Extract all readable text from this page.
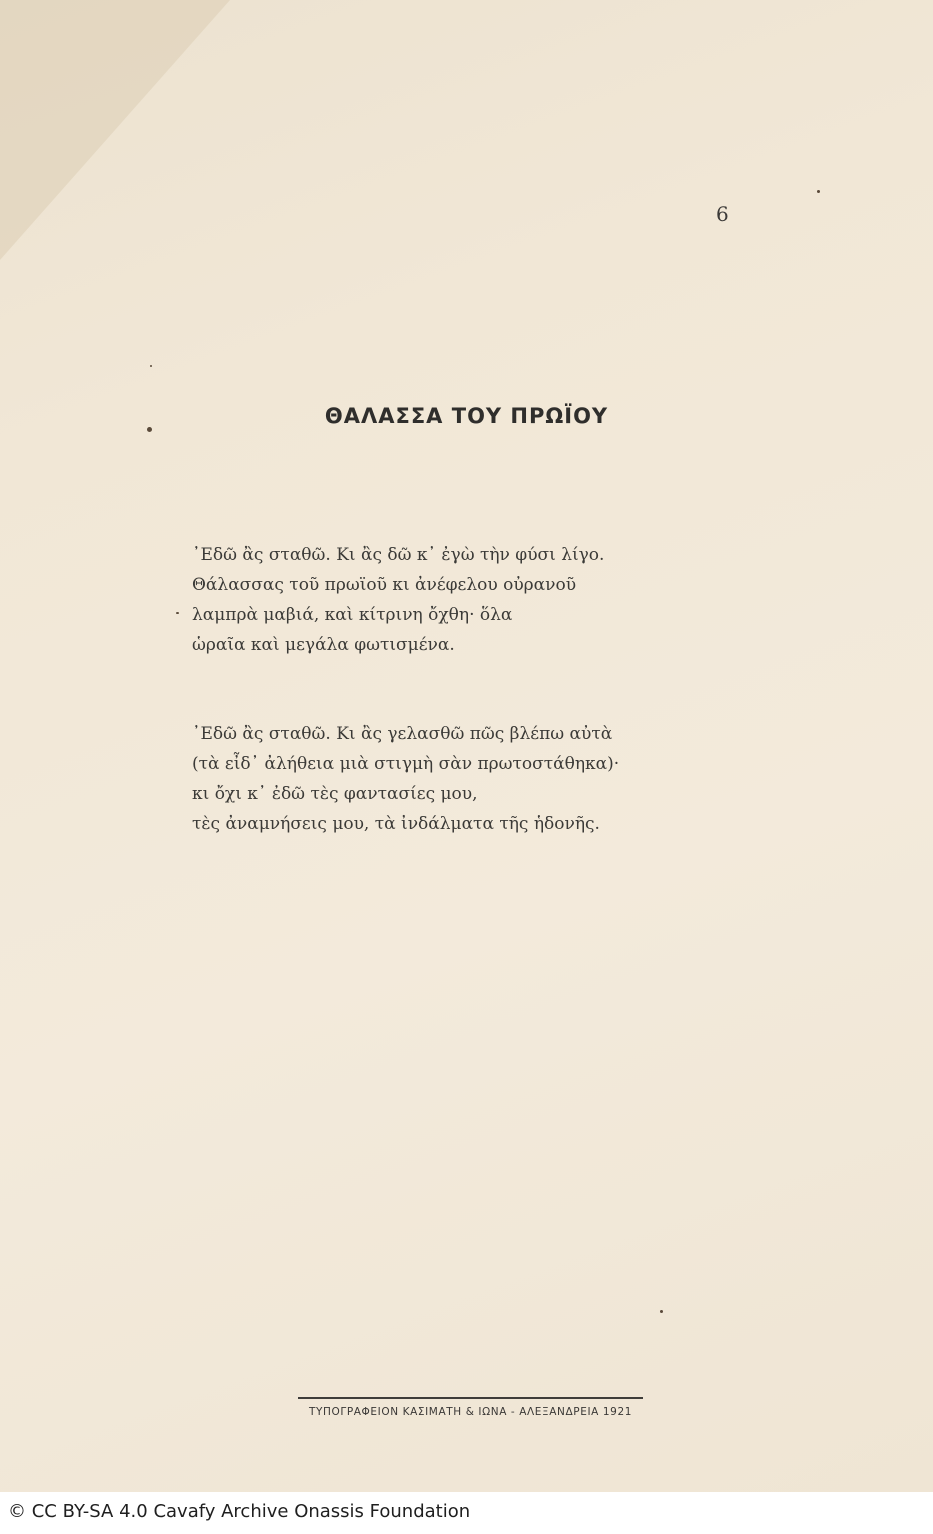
6
ΘΑΛΑΣΣΑ ΤΟΥ ΠΡΩΪΟΥ
᾿Εδῶ ἂς σταθῶ. Κι ἂς δῶ κ᾿ ἐγὼ τὴν φύσι λίγο.
Θάλασσας τοῦ πρωϊοῦ κι ἀνέφελου οὐρανοῦ
λαμπρὰ μαβιά, καὶ κίτρινη ὄχθη· ὅλα
ὡραῖα καὶ μεγάλα φωτισμένα.
᾿Εδῶ ἂς σταθῶ. Κι ἂς γελασθῶ πῶς βλέπω αὐτὰ
(τὰ εἶδ᾿ ἀλήθεια μιὰ στιγμὴ σὰν πρωτοστάθηκα)·
κι ὄχι κ᾿ ἐδῶ τὲς φαντασίες μου,
τὲς ἀναμνήσεις μου, τὰ ἰνδάλματα τῆς ἡδονῆς.
ΤΥΠΟΓΡΑΦΕΙΟΝ ΚΑΣΙΜΑΤΗ & ΙΩΝΑ - ΑΛΕΞΑΝΔΡΕΙΑ 1921
© CC BY-SA 4.0 Cavafy Archive Onassis Foundation
